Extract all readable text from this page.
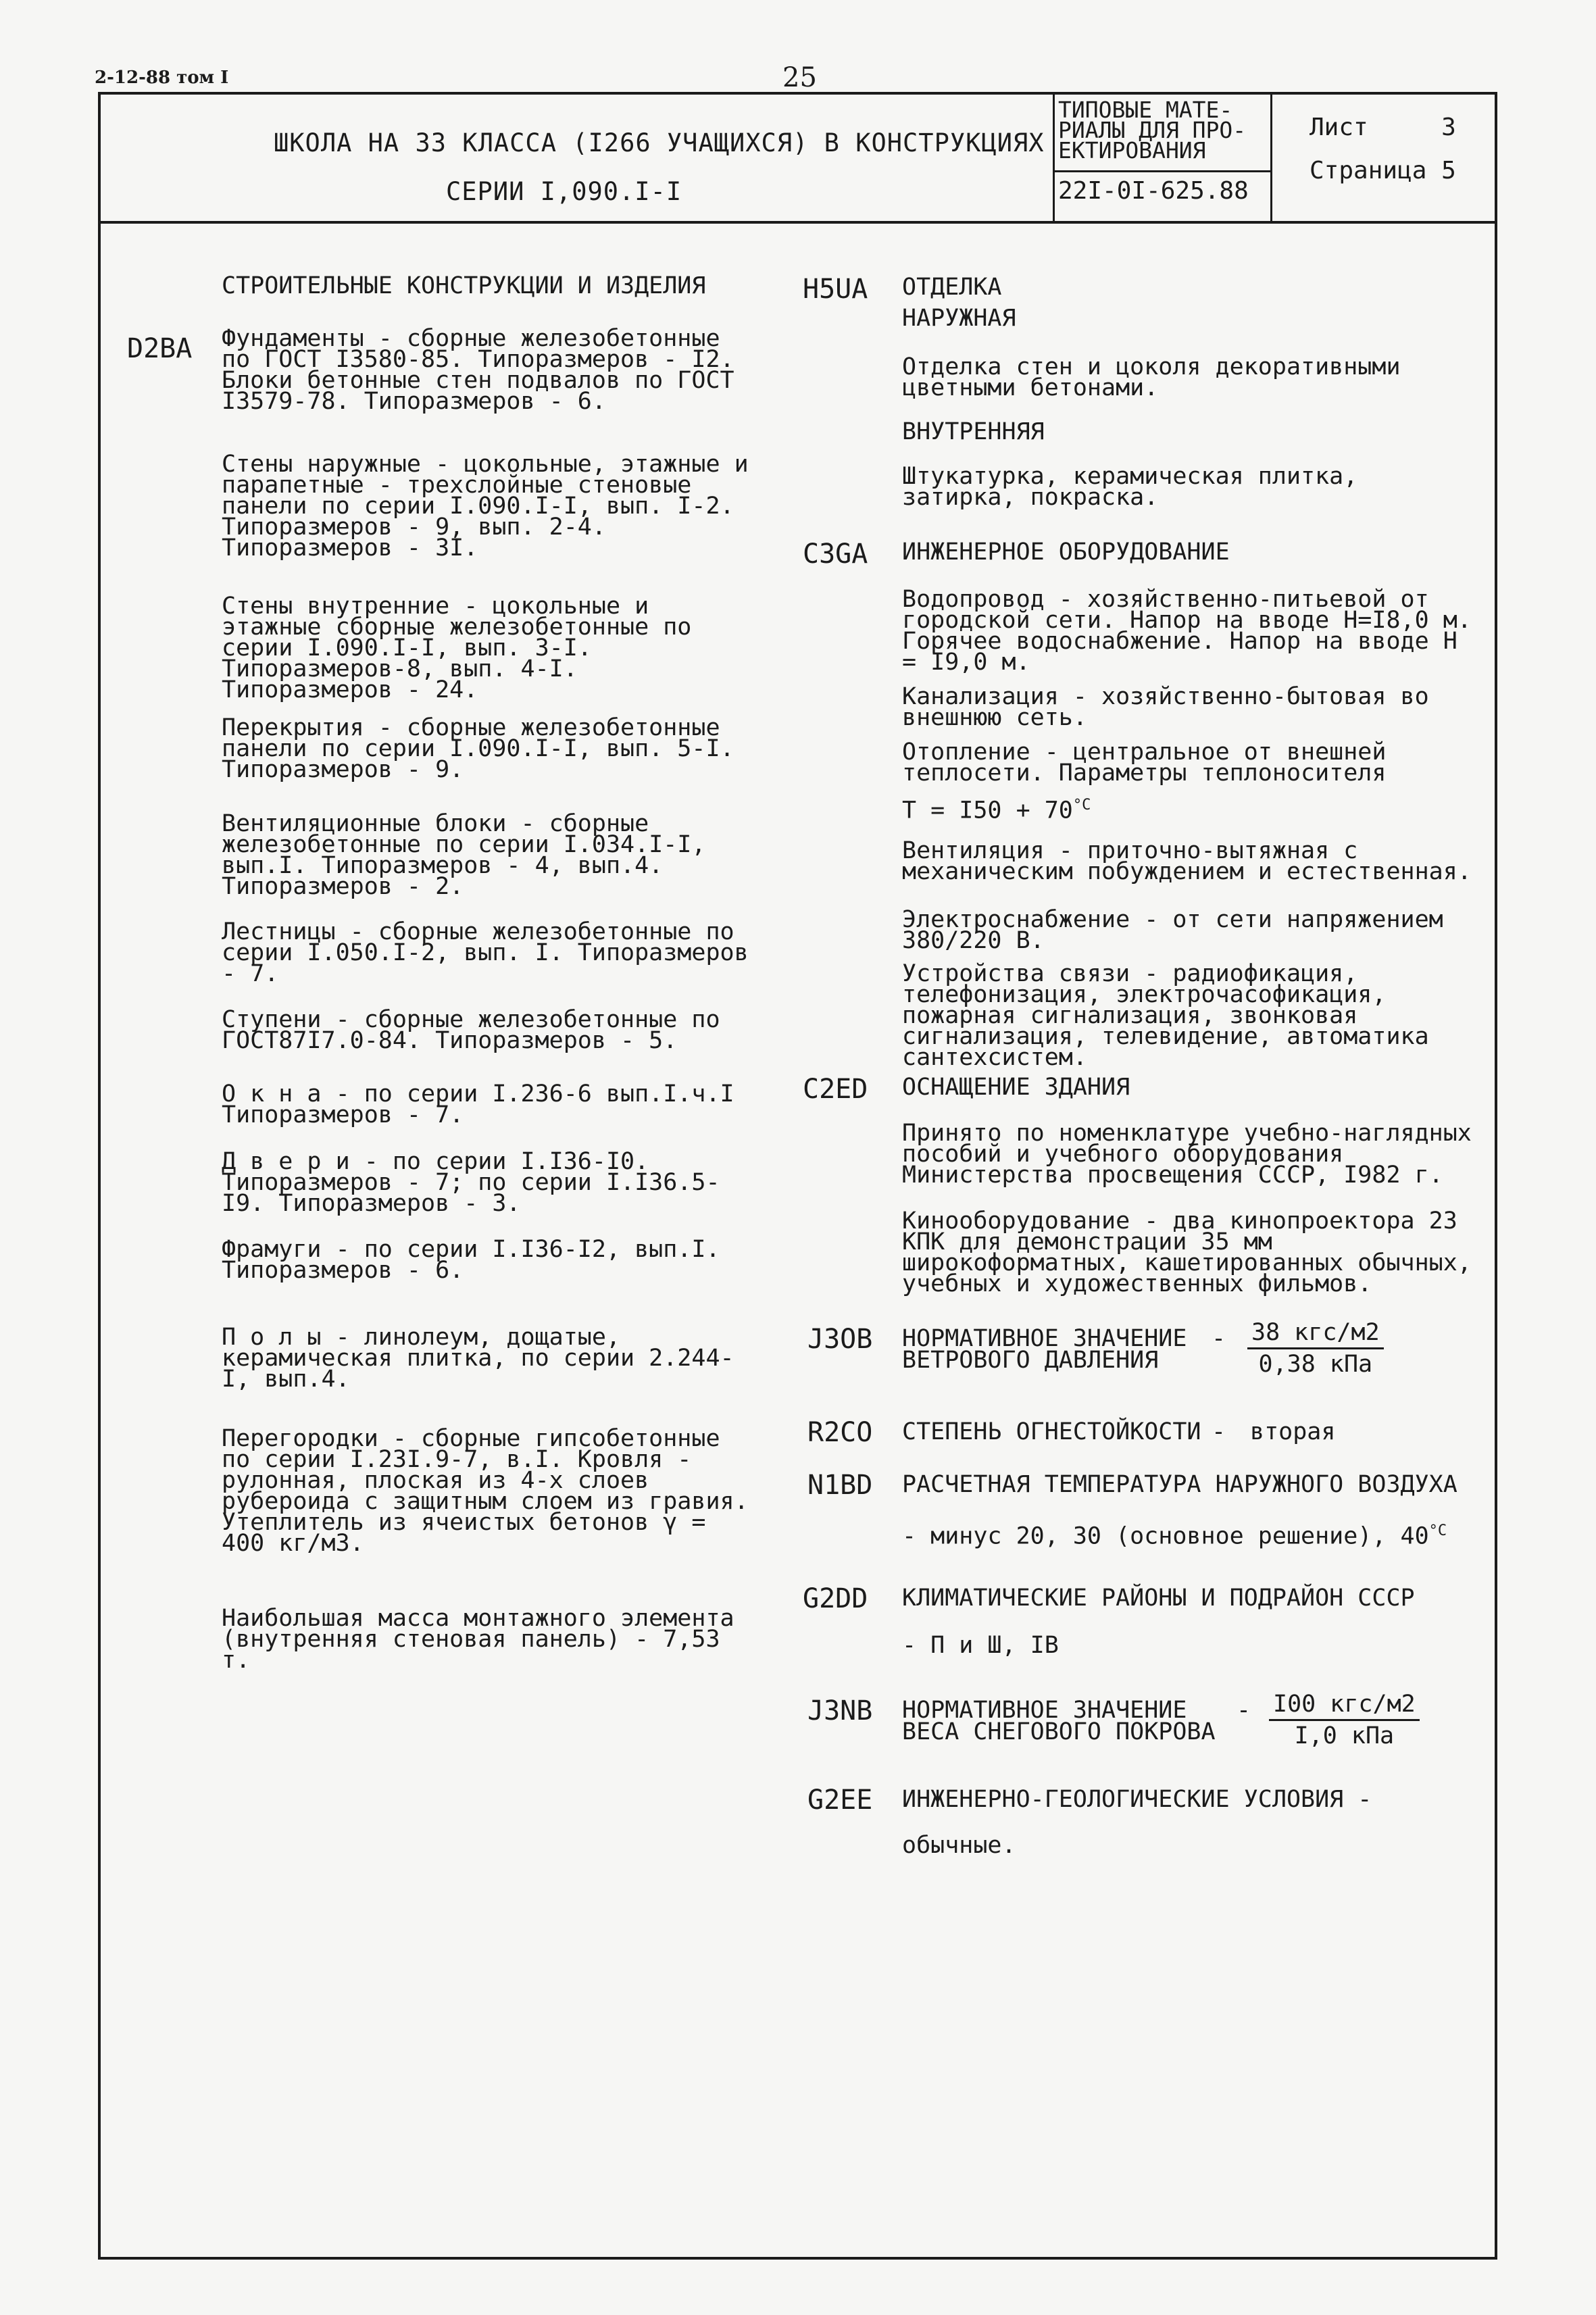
2-12-88 том I	25
ШКОЛА НА 33 КЛАССА (I266 УЧАЩИХСЯ) В КОНСТРУКЦИЯХ
СЕРИИ I,090.I-I
ТИПОВЫЕ МАТЕ-РИАЛЫ ДЛЯ ПРО-ЕКТИРОВАНИЯ
22I-0I-625.88
Лист	3
Страница 5
СТРОИТЕЛЬНЫЕ КОНСТРУКЦИИ И ИЗДЕЛИЯ
D2BA Фундаменты - сборные железобетонные по ГОСТ I3580-85. Типоразмеров - I2. Блоки бетонные стен подвалов по ГОСТ I3579-78. Типоразмеров - 6.
Стены наружные - цокольные, этажные и парапетные - трехслойные стеновые панели по серии I.090.I-I, вып. I-2. Типоразмеров - 9, вып. 2-4. Типоразмеров - 3I.
Стены внутренние - цокольные и этажные сборные железобетонные по серии I.090.I-I, вып. 3-I. Типоразмеров-8, вып. 4-I. Типоразмеров - 24.
Перекрытия - сборные железобетонные панели по серии I.090.I-I, вып. 5-I. Типоразмеров - 9.
Вентиляционные блоки - сборные железобетонные по серии I.034.I-I, вып.I. Типоразмеров - 4, вып.4. Типоразмеров - 2.
Лестницы - сборные железобетонные по серии I.050.I-2, вып. I. Типоразмеров - 7.
Ступени - сборные железобетонные по ГОСТ87I7.0-84. Типоразмеров - 5.
О к н а - по серии I.236-6 вып.I.ч.I Типоразмеров - 7.
Д в е р и - по серии I.I36-I0. Типоразмеров - 7; по серии I.I36.5-I9. Типоразмеров - 3.
Фрамуги - по серии I.I36-I2, вып.I. Типоразмеров - 6.
П о л ы - линолеум, дощатые, керамическая плитка, по серии 2.244-I, вып.4.
Перегородки - сборные гипсобетонные по серии I.23I.9-7, в.I. Кровля - рулонная, плоская из 4-х слоев рубероида с защитным слоем из гравия. Утеплитель из ячеистых бетонов γ = 400 кг/м3.
Наибольшая масса монтажного элемента (внутренняя стеновая панель) - 7,53 т.
H5UA ОТДЕЛКА
НАРУЖНАЯ
Отделка стен и цоколя декоративными цветными бетонами.
ВНУТРЕННЯЯ
Штукатурка, керамическая плитка, затирка, покраска.
C3GA ИНЖЕНЕРНОЕ ОБОРУДОВАНИЕ
Водопровод - хозяйственно-питьевой от городской сети. Напор на вводе Н=I8,0 м. Горячее водоснабжение. Напор на вводе Н = I9,0 м.
Канализация - хозяйственно-бытовая во внешнюю сеть.
Отопление - центральное от внешней теплосети. Параметры теплоносителя
$Т = I50 + 70^{^\circ C}$
Вентиляция - приточно-вытяжная с механическим побуждением и естественная.
Электроснабжение - от сети напряжением 380/220 В.
Устройства связи - радиофикация, телефонизация, электрочасофикация, пожарная сигнализация, звонковая сигнализация, телевидение, автоматика сантехсистем.
C2ED ОСНАЩЕНИЕ ЗДАНИЯ
Принято по номенклатуре учебно-наглядных пособий и учебного оборудования Министерства просвещения СССР, I982 г.
Кинооборудование - два кинопроектора 23 КПК для демонстрации 35 мм широкоформатных, кашетированных обычных, учебных и художественных фильмов.
J3OB НОРМАТИВНОЕ ЗНАЧЕНИЕ
ВЕТРОВОГО ДАВЛЕНИЯ
- 38 кгс/м2
0,38 кПа
R2CO СТЕПЕНЬ ОГНЕСТОЙКОСТИ - вторая
N1BD РАСЧЕТНАЯ ТЕМПЕРАТУРА НАРУЖНОГО ВОЗДУХА
- минус 20, 30 (основное решение), $40^{^\circ C}$
G2DD КЛИМАТИЧЕСКИЕ РАЙОНЫ И ПОДРАЙОН СССР
- П и Ш, IВ
J3NB НОРМАТИВНОЕ ЗНАЧЕНИЕ
ВЕСА СНЕГОВОГО ПОКРОВА
- I00 кгс/м2
I,0 кПа
G2EE ИНЖЕНЕРНО-ГЕОЛОГИЧЕСКИЕ УСЛОВИЯ -
обычные.
